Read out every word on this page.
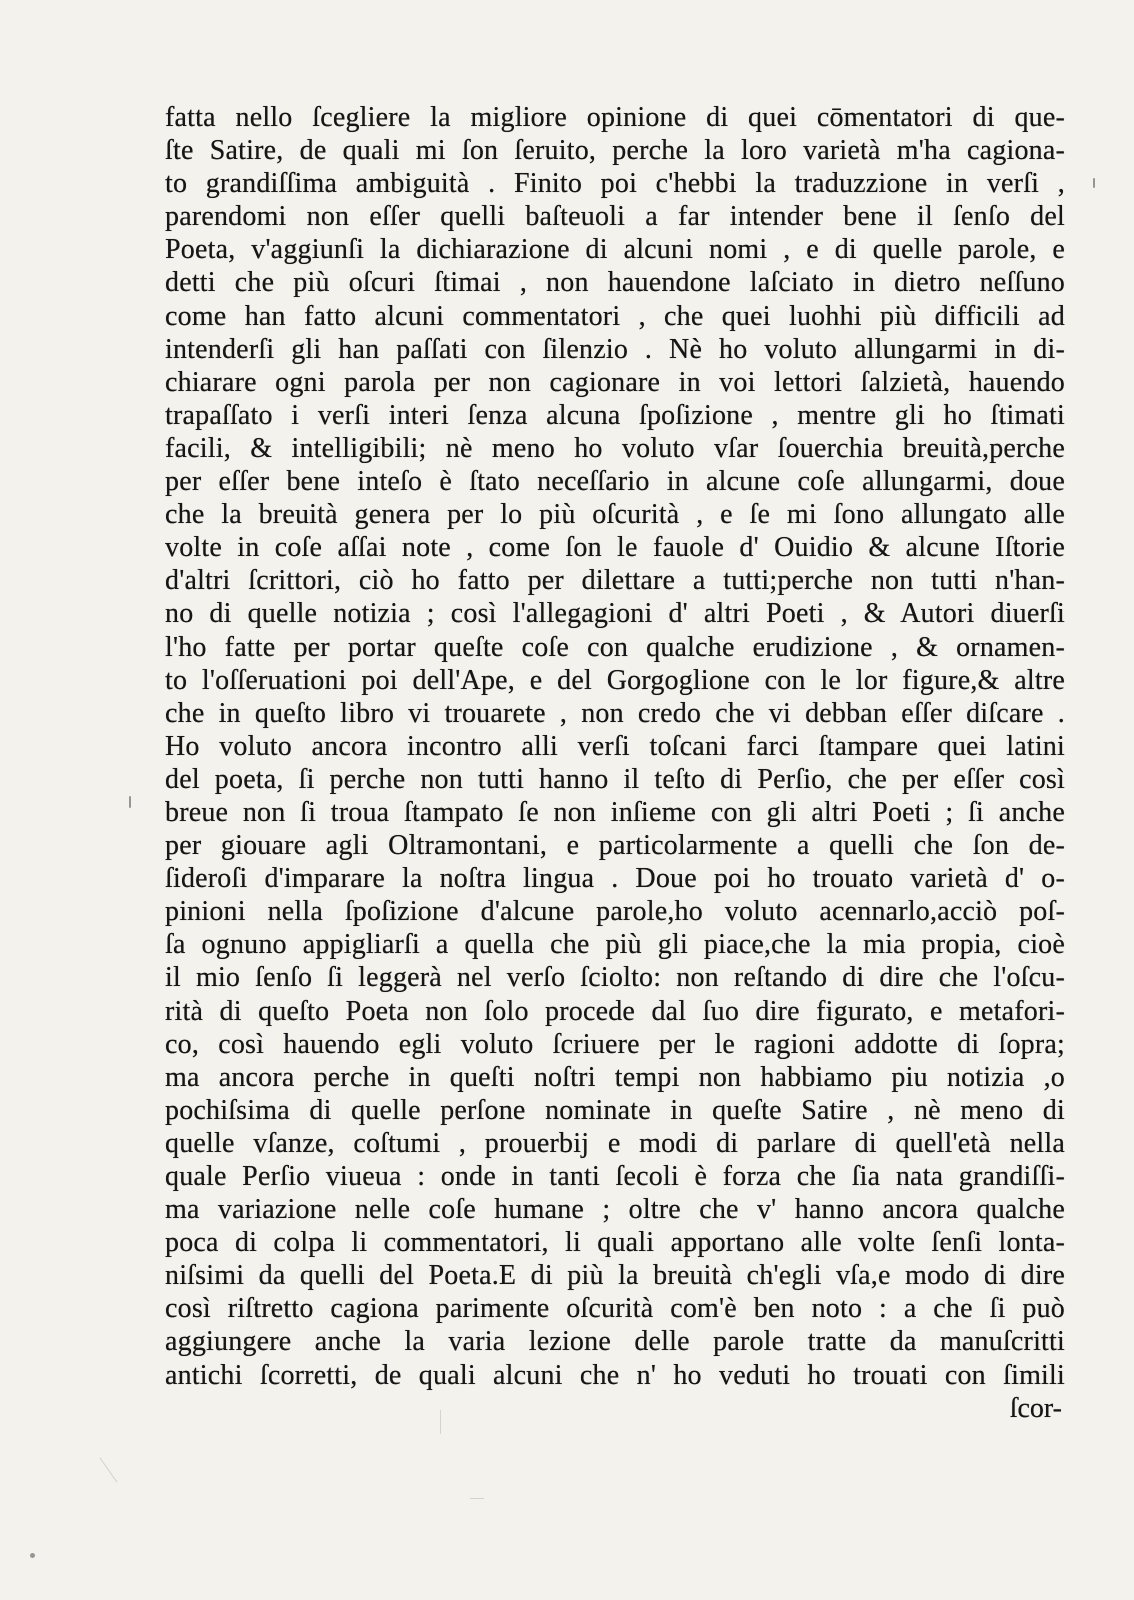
fatta nello ſcegliere la migliore opinione di quei cōmentatori di que-
ſte Satire, de quali mi ſon ſeruito, perche la loro varietà m'ha cagiona-
to grandiſſima ambiguità . Finito poi c'hebbi la traduzzione in verſi ,
parendomi non eſſer quelli baſteuoli a far intender bene il ſenſo del
Poeta, v'aggiunſi la dichiarazione di alcuni nomi , e di quelle parole, e
detti che più oſcuri ſtimai , non hauendone laſciato in dietro neſſuno
come han fatto alcuni commentatori , che quei luohhi più difficili ad
intenderſi gli han paſſati con ſilenzio . Nè ho voluto allungarmi in di-
chiarare ogni parola per non cagionare in voi lettori ſalzietà, hauendo
trapaſſato i verſi interi ſenza alcuna ſpoſizione , mentre gli ho ſtimati
facili, & intelligibili; nè meno ho voluto vſar ſouerchia breuità,perche
per eſſer bene inteſo è ſtato neceſſario in alcune coſe allungarmi, doue
che la breuità genera per lo più oſcurità , e ſe mi ſono allungato alle
volte in coſe aſſai note , come ſon le fauole d' Ouidio & alcune Iſtorie
d'altri ſcrittori, ciò ho fatto per dilettare a tutti;perche non tutti n'han-
no di quelle notizia ; così l'allegagioni d' altri Poeti , & Autori diuerſi
l'ho fatte per portar queſte coſe con qualche erudizione , & ornamen-
to l'oſſeruationi poi dell'Ape, e del Gorgoglione con le lor figure,& altre
che in queſto libro vi trouarete , non credo che vi debban eſſer diſcare .
Ho voluto ancora incontro alli verſi toſcani farci ſtampare quei latini
del poeta, ſi perche non tutti hanno il teſto di Perſio, che per eſſer così
breue non ſi troua ſtampato ſe non inſieme con gli altri Poeti ; ſi anche
per giouare agli Oltramontani, e particolarmente a quelli che ſon de-
ſideroſi d'imparare la noſtra lingua . Doue poi ho trouato varietà d' o-
pinioni nella ſpoſizione d'alcune parole,ho voluto acennarlo,acciò poſ-
ſa ognuno appigliarſi a quella che più gli piace,che la mia propia, cioè
il mio ſenſo ſi leggerà nel verſo ſciolto: non reſtando di dire che l'oſcu-
rità di queſto Poeta non ſolo procede dal ſuo dire figurato, e metafori-
co, così hauendo egli voluto ſcriuere per le ragioni addotte di ſopra;
ma ancora perche in queſti noſtri tempi non habbiamo piu notizia ,o
pochiſsima di quelle perſone nominate in queſte Satire , nè meno di
quelle vſanze, coſtumi , prouerbij e modi di parlare di quell'età nella
quale Perſio viueua : onde in tanti ſecoli è forza che ſia nata grandiſſi-
ma variazione nelle coſe humane ; oltre che v' hanno ancora qualche
poca di colpa li commentatori, li quali apportano alle volte ſenſi lonta-
niſsimi da quelli del Poeta.E di più la breuità ch'egli vſa,e modo di dire
così riſtretto cagiona parimente oſcurità com'è ben noto : a che ſi può
aggiungere anche la varia lezione delle parole tratte da manuſcritti
antichi ſcorretti, de quali alcuni che n' ho veduti ho trouati con ſimili
ſcor-
